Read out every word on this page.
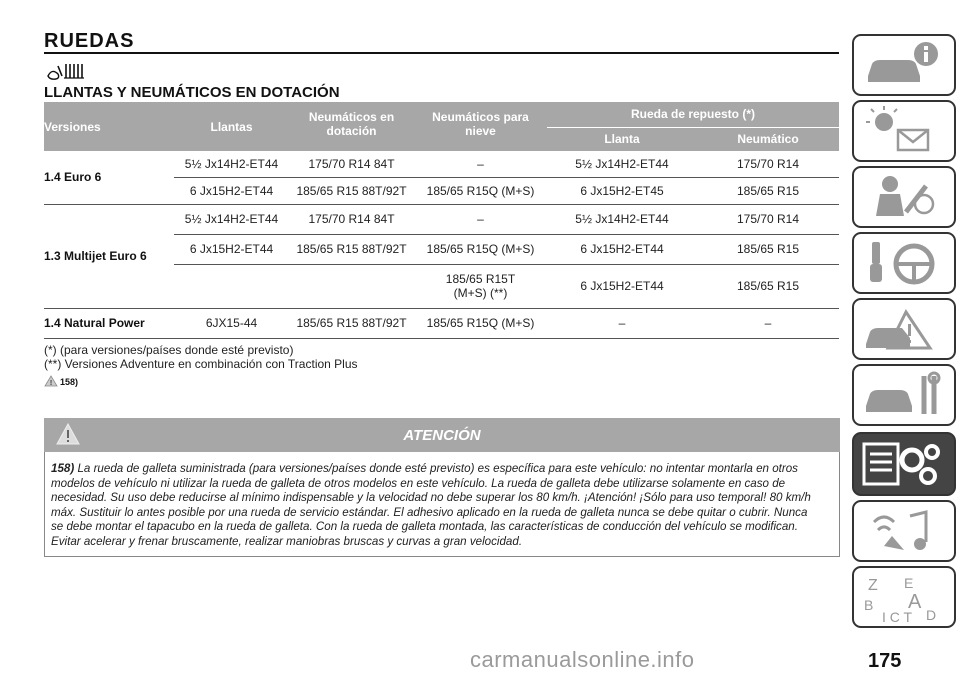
RUEDAS
LLANTAS Y NEUMÁTICOS EN DOTACIÓN
Versiones	Llantas	Neumáticos en dotación	Neumáticos para nieve	Rueda de repuesto (*)	
				Llanta	Neumático
1.4 Euro 6	5½ Jx14H2-ET44	175/70 R14 84T	–	5½ Jx14H2-ET44	175/70 R14
	6 Jx15H2-ET44	185/65 R15 88T/92T	185/65 R15Q (M+S)	6 Jx15H2-ET45	185/65 R15
1.3 Multijet Euro 6	5½ Jx14H2-ET44	175/70 R14 84T	–	5½ Jx14H2-ET44	175/70 R14
	6 Jx15H2-ET44	185/65 R15 88T/92T	185/65 R15Q (M+S)	6 Jx15H2-ET44	185/65 R15
			185/65 R15T (M+S) (**)	6 Jx15H2-ET44	185/65 R15
1.4 Natural Power	6JX15-44	185/65 R15 88T/92T	185/65 R15Q (M+S)	–	–
(*) (para versiones/países donde esté previsto)
(**) Versiones Adventure en combinación con Traction Plus
! 158)
ATENCIÓN
158) La rueda de galleta suministrada (para versiones/países donde esté previsto) es específica para este vehículo: no intentar montarla en otros modelos de vehículo ni utilizar la rueda de galleta de otros modelos en este vehículo. La rueda de galleta debe utilizarse solamente en caso de necesidad. Su uso debe reducirse al mínimo indispensable y la velocidad no debe superar los 80 km/h. ¡Atención! ¡Sólo para uso temporal! 80 km/h máx. Sustituir lo antes posible por una rueda de servicio estándar. El adhesivo aplicado en la rueda de galleta nunca se debe quitar o cubrir. Nunca se debe montar el tapacubo en la rueda de galleta. Con la rueda de galleta montada, las características de conducción del vehículo se modifican. Evitar acelerar y frenar bruscamente, realizar maniobras bruscas y curvas a gran velocidad.
Z E
B A
I C T D
carmanualsonline.info	175
